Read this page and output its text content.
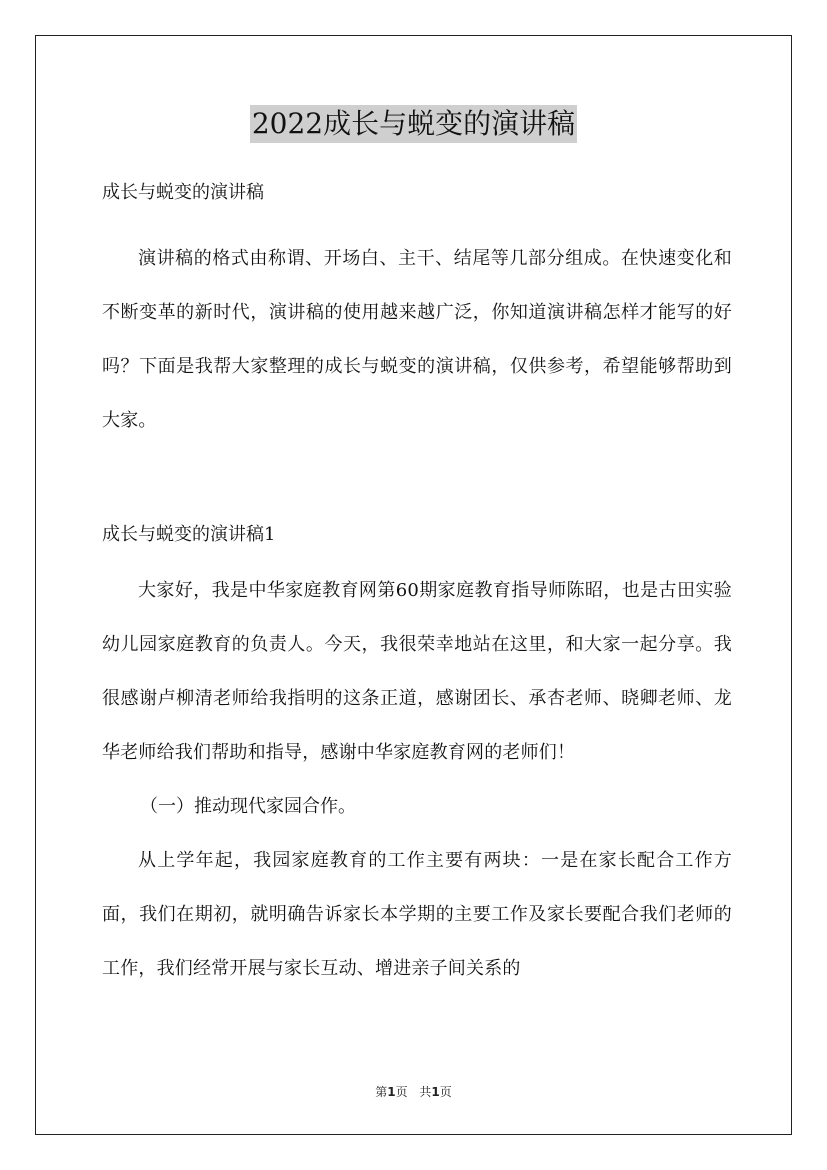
2022成长与蜕变的演讲稿

成长与蜕变的演讲稿

演讲稿的格式由称谓、开场白、主干、结尾等几部分组成。在快速变化和不断变革的新时代，演讲稿的使用越来越广泛，你知道演讲稿怎样才能写的好吗？下面是我帮大家整理的成长与蜕变的演讲稿，仅供参考，希望能够帮助到大家。

成长与蜕变的演讲稿1

大家好，我是中华家庭教育网第60期家庭教育指导师陈昭，也是古田实验幼儿园家庭教育的负责人。今天，我很荣幸地站在这里，和大家一起分享。我很感谢卢柳清老师给我指明的这条正道，感谢团长、承杏老师、晓卿老师、龙华老师给我们帮助和指导，感谢中华家庭教育网的老师们！

（一）推动现代家园合作。

从上学年起，我园家庭教育的工作主要有两块：一是在家长配合工作方面，我们在期初，就明确告诉家长本学期的主要工作及家长要配合我们老师的工作，我们经常开展与家长互动、增进亲子间关系的

第1页 共1页
